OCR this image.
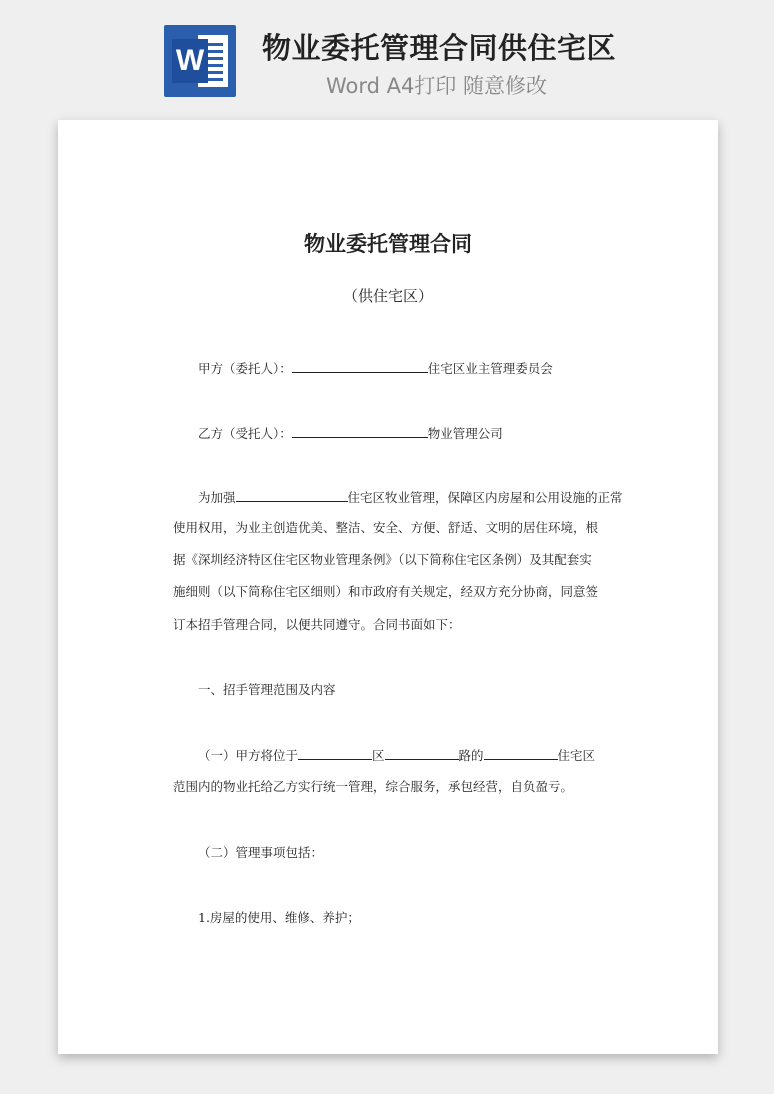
W 物业委托管理合同供住宅区
Word A4打印 随意修改

物业委托管理合同
（供住宅区）
甲方（委托人）：	住宅区业主管理委员会
乙方（受托人）：	物业管理公司
为加强	住宅区牧业管理，保障区内房屋和公用设施的正常
使用权用，为业主创造优美、整洁、安全、方便、舒适、文明的居住环境，根
据《深圳经济特区住宅区物业管理条例》（以下简称住宅区条例）及其配套实
施细则（以下简称住宅区细则）和市政府有关规定，经双方充分协商，同意签
订本招手管理合同，以便共同遵守。合同书面如下：
一、招手管理范围及内容
（一）甲方将位于	区	路的	住宅区
范围内的物业托给乙方实行统一管理，综合服务，承包经营，自负盈亏。
（二）管理事项包括：
1.房屋的使用、维修、养护；
